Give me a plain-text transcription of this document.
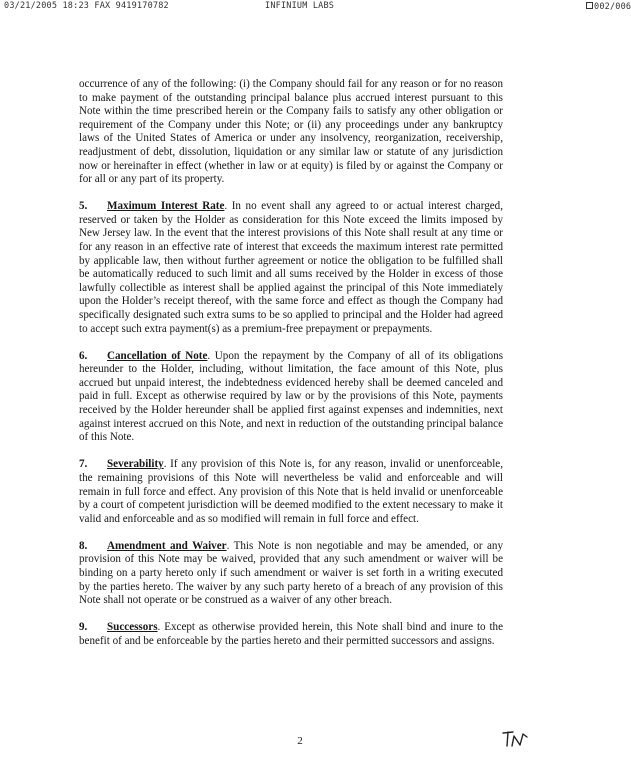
03/21/2005 18:23 FAX 9419170782	INFINIUM LABS	002/006

occurrence of any of the following: (i) the Company should fail for any reason or for no reason to make payment of the outstanding principal balance plus accrued interest pursuant to this Note within the time prescribed herein or the Company fails to satisfy any other obligation or requirement of the Company under this Note; or (ii) any proceedings under any bankruptcy laws of the United States of America or under any insolvency, reorganization, receivership, readjustment of debt, dissolution, liquidation or any similar law or statute of any jurisdiction now or hereinafter in effect (whether in law or at equity) is filed by or against the Company or for all or any part of its property.

5. Maximum Interest Rate. In no event shall any agreed to or actual interest charged, reserved or taken by the Holder as consideration for this Note exceed the limits imposed by New Jersey law. In the event that the interest provisions of this Note shall result at any time or for any reason in an effective rate of interest that exceeds the maximum interest rate permitted by applicable law, then without further agreement or notice the obligation to be fulfilled shall be automatically reduced to such limit and all sums received by the Holder in excess of those lawfully collectible as interest shall be applied against the principal of this Note immediately upon the Holder’s receipt thereof, with the same force and effect as though the Company had specifically designated such extra sums to be so applied to principal and the Holder had agreed to accept such extra payment(s) as a premium-free prepayment or prepayments.

6. Cancellation of Note. Upon the repayment by the Company of all of its obligations hereunder to the Holder, including, without limitation, the face amount of this Note, plus accrued but unpaid interest, the indebtedness evidenced hereby shall be deemed canceled and paid in full. Except as otherwise required by law or by the provisions of this Note, payments received by the Holder hereunder shall be applied first against expenses and indemnities, next against interest accrued on this Note, and next in reduction of the outstanding principal balance of this Note.

7. Severability. If any provision of this Note is, for any reason, invalid or unenforceable, the remaining provisions of this Note will nevertheless be valid and enforceable and will remain in full force and effect. Any provision of this Note that is held invalid or unenforceable by a court of competent jurisdiction will be deemed modified to the extent necessary to make it valid and enforceable and as so modified will remain in full force and effect.

8. Amendment and Waiver. This Note is non negotiable and may be amended, or any provision of this Note may be waived, provided that any such amendment or waiver will be binding on a party hereto only if such amendment or waiver is set forth in a writing executed by the parties hereto. The waiver by any such party hereto of a breach of any provision of this Note shall not operate or be construed as a waiver of any other breach.

9. Successors. Except as otherwise provided herein, this Note shall bind and inure to the benefit of and be enforceable by the parties hereto and their permitted successors and assigns.

2
